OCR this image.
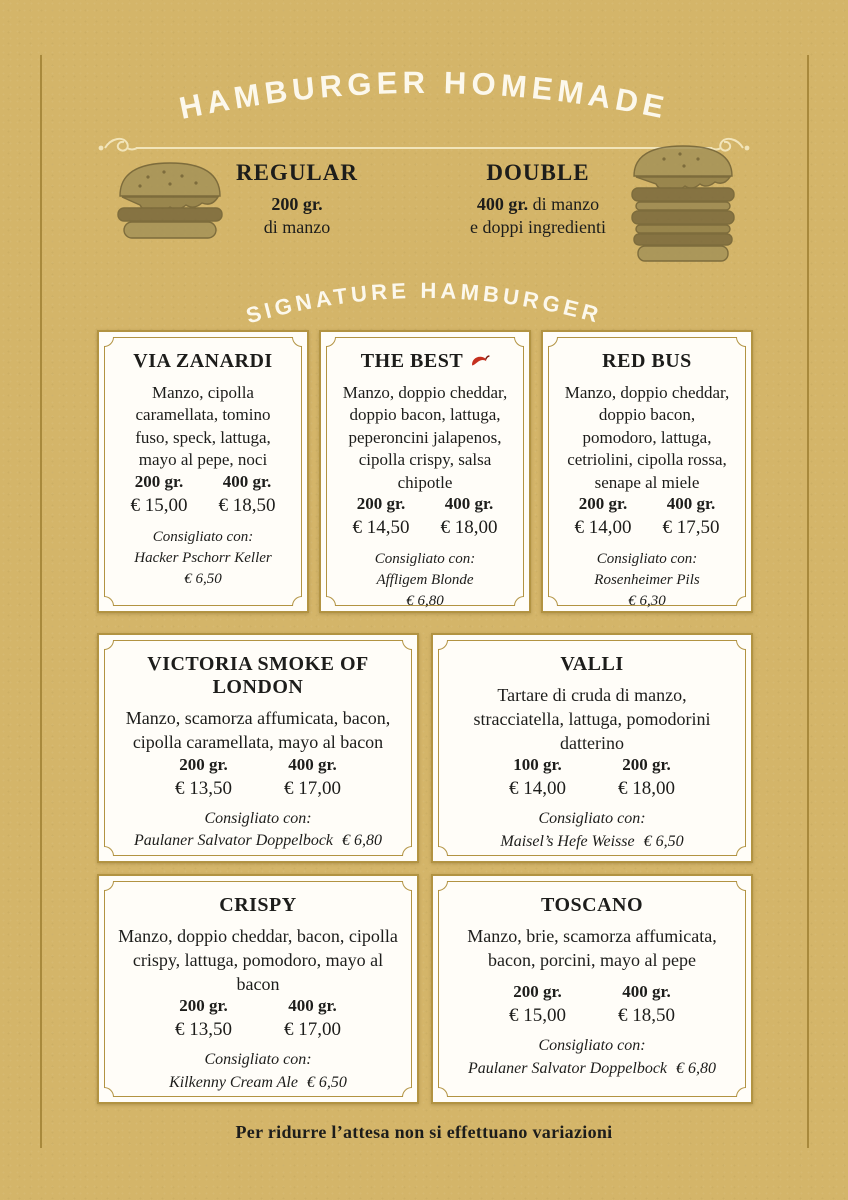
HAMBURGER HOMEMADE
REGULAR
200 gr.
di manzo
DOUBLE
400 gr. di manzo
e doppi ingredienti
SIGNATURE HAMBURGER
VIA ZANARDI

Manzo, cipolla caramellata, tomino fuso, speck, lattuga, mayo al pepe, noci

200 gr.
€ 15,00
400 gr.
€ 18,50
Consigliato con:
Hacker Pschorr Keller
€ 6,50
THE BEST

Manzo, doppio cheddar, doppio bacon, lattuga, peperoncini jalapenos, cipolla crispy, salsa chipotle

200 gr.
€ 14,50
400 gr.
€ 18,00
Consigliato con:
Affligem Blonde
€ 6,80
RED BUS

Manzo, doppio cheddar, doppio bacon, pomodoro, lattuga, cetriolini, cipolla rossa, senape al miele

200 gr.
€ 14,00
400 gr.
€ 17,50
Consigliato con:
Rosenheimer Pils
€ 6,30
VICTORIA SMOKE OF LONDON

Manzo, scamorza affumicata, bacon, cipolla caramellata, mayo al bacon

200 gr.
€ 13,50
400 gr.
€ 17,00
Consigliato con:
Paulaner Salvator Doppelbock € 6,80
VALLI

Tartare di cruda di manzo, stracciatella, lattuga, pomodorini datterino

100 gr.
€ 14,00
200 gr.
€ 18,00
Consigliato con:
Maisel’s Hefe Weisse € 6,50
CRISPY

Manzo, doppio cheddar, bacon, cipolla crispy, lattuga, pomodoro, mayo al bacon

200 gr.
€ 13,50
400 gr.
€ 17,00
Consigliato con:
Kilkenny Cream Ale € 6,50
TOSCANO

Manzo, brie, scamorza affumicata, bacon, porcini, mayo al pepe

200 gr.
€ 15,00
400 gr.
€ 18,50
Consigliato con:
Paulaner Salvator Doppelbock € 6,80
Per ridurre l’attesa non si effettuano variazioni
